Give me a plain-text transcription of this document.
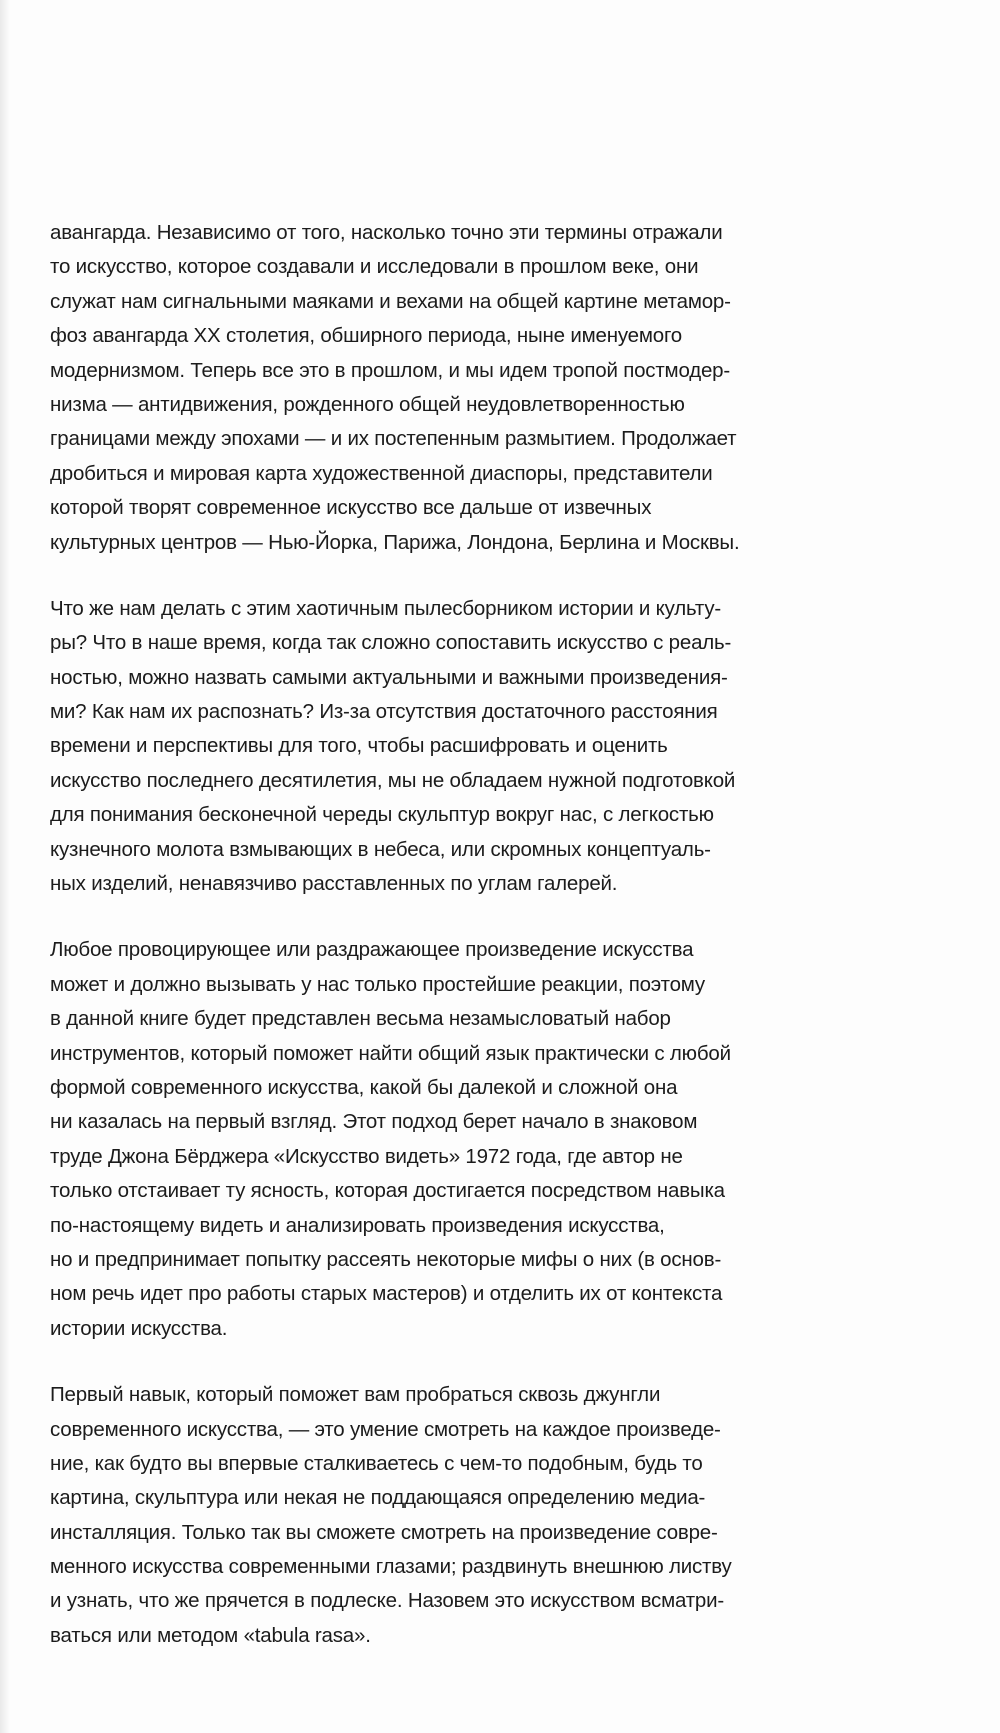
авангарда. Независимо от того, насколько точно эти термины отражали
то искусство, которое создавали и исследовали в прошлом веке, они
служат нам сигнальными маяками и вехами на общей картине метамор-
фоз авангарда XX столетия, обширного периода, ныне именуемого
модернизмом. Теперь все это в прошлом, и мы идем тропой постмодер-
низма — антидвижения, рожденного общей неудовлетворенностью
границами между эпохами — и их постепенным размытием. Продолжает
дробиться и мировая карта художественной диаспоры, представители
которой творят современное искусство все дальше от извечных
культурных центров — Нью-Йорка, Парижа, Лондона, Берлина и Москвы.
Что же нам делать с этим хаотичным пылесборником истории и культу-
ры? Что в наше время, когда так сложно сопоставить искусство с реаль-
ностью, можно назвать самыми актуальными и важными произведения-
ми? Как нам их распознать? Из-за отсутствия достаточного расстояния
времени и перспективы для того, чтобы расшифровать и оценить
искусство последнего десятилетия, мы не обладаем нужной подготовкой
для понимания бесконечной череды скульптур вокруг нас, с легкостью
кузнечного молота взмывающих в небеса, или скромных концептуаль-
ных изделий, ненавязчиво расставленных по углам галерей.
Любое провоцирующее или раздражающее произведение искусства
может и должно вызывать у нас только простейшие реакции, поэтому
в данной книге будет представлен весьма незамысловатый набор
инструментов, который поможет найти общий язык практически с любой
формой современного искусства, какой бы далекой и сложной она
ни казалась на первый взгляд. Этот подход берет начало в знаковом
труде Джона Бёрджера «Искусство видеть» 1972 года, где автор не
только отстаивает ту ясность, которая достигается посредством навыка
по-настоящему видеть и анализировать произведения искусства,
но и предпринимает попытку рассеять некоторые мифы о них (в основ-
ном речь идет про работы старых мастеров) и отделить их от контекста
истории искусства.
Первый навык, который поможет вам пробраться сквозь джунгли
современного искусства, — это умение смотреть на каждое произведе-
ние, как будто вы впервые сталкиваетесь с чем-то подобным, будь то
картина, скульптура или некая не поддающаяся определению медиа-
инсталляция. Только так вы сможете смотреть на произведение совре-
менного искусства современными глазами; раздвинуть внешнюю листву
и узнать, что же прячется в подлеске. Назовем это искусством всматри-
ваться или методом «tabula rasa».
